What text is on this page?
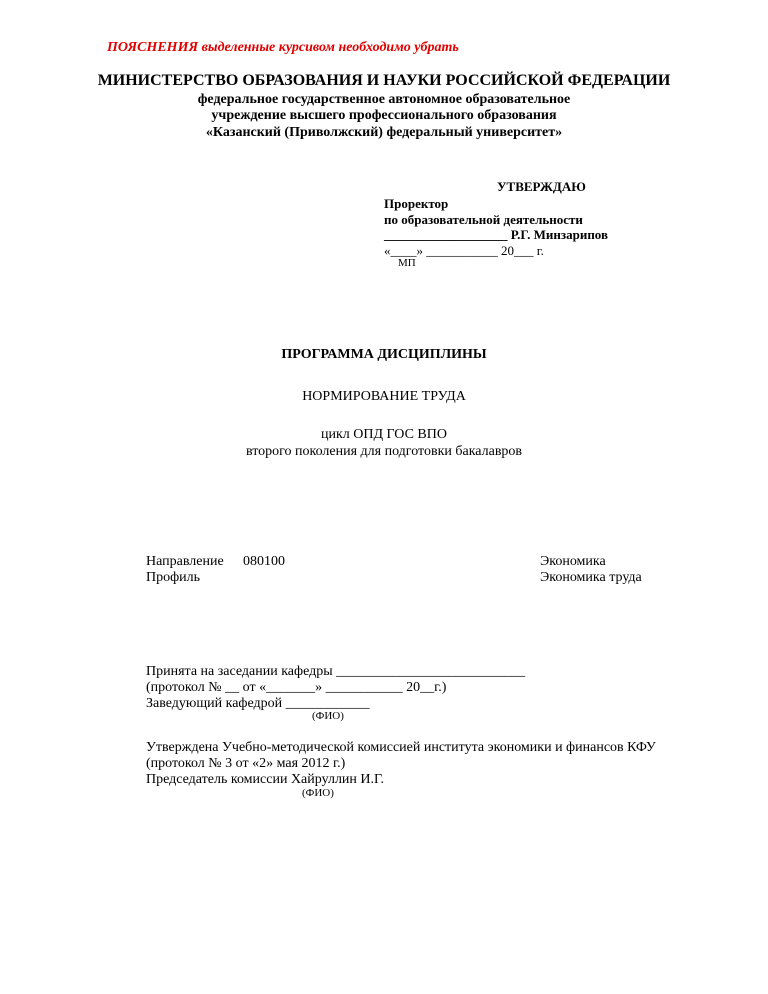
ПОЯСНЕНИЯ выделенные курсивом необходимо убрать
МИНИСТЕРСТВО ОБРАЗОВАНИЯ И НАУКИ РОССИЙСКОЙ ФЕДЕРАЦИИ
федеральное государственное автономное образовательное
учреждение высшего профессионального образования
«Казанский (Приволжский) федеральный университет»
УТВЕРЖДАЮ
Проректор
по образовательной деятельности
___________________ Р.Г. Минзарипов
«____» ___________ 20___ г.
МП
ПРОГРАММА ДИСЦИПЛИНЫ
НОРМИРОВАНИЕ ТРУДА
цикл ОПД ГОС ВПО
второго поколения для подготовки бакалавров
Направление 080100	Экономика
Профиль	Экономика труда
Принята на заседании кафедры ___________________________
(протокол № __ от «_______» ___________ 20__г.)
Заведующий кафедрой ____________
(ФИО)
Утверждена Учебно-методической комиссией института экономики и финансов КФУ
(протокол № 3 от «2» мая 2012 г.)
Председатель комиссии Хайруллин И.Г.
(ФИО)
